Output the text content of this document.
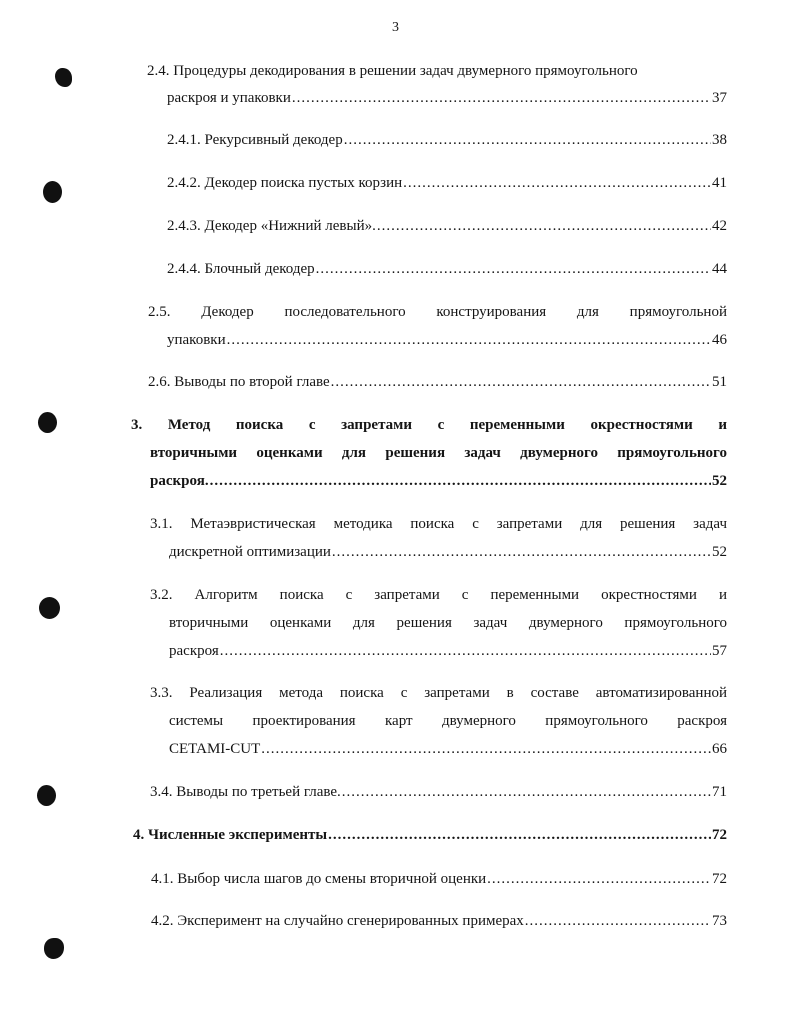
3
2.4. Процедуры декодирования в решении задач двумерного прямоугольного
раскроя и упаковки .....	37
2.4.1. Рекурсивный декодер .....	38
2.4.2. Декодер поиска пустых корзин .....	41
2.4.3. Декодер «Нижний левый». .....	42
2.4.4. Блочный декодер .....	44
2.5. Декодер последовательного конструирования для прямоугольной
упаковки .....	46
2.6. Выводы по второй главе .....	51
3. Метод поиска с запретами с переменными окрестностями и
вторичными оценками для решения задач двумерного прямоугольного
раскроя. .....	52
3.1. Метаэвристическая методика поиска с запретами для решения задач
дискретной оптимизации .....	52
3.2. Алгоритм поиска с запретами с переменными окрестностями и
вторичными оценками для решения задач двумерного прямоугольного
раскроя .....	57
3.3. Реализация метода поиска с запретами в составе автоматизированной
системы проектирования карт двумерного прямоугольного раскроя
CETAMI-CUT .....	66
3.4. Выводы по третьей главе. .....	71
4. Численные эксперименты .....	72
4.1. Выбор числа шагов до смены вторичной оценки .....	72
4.2. Эксперимент на случайно сгенерированных примерах .....	73
